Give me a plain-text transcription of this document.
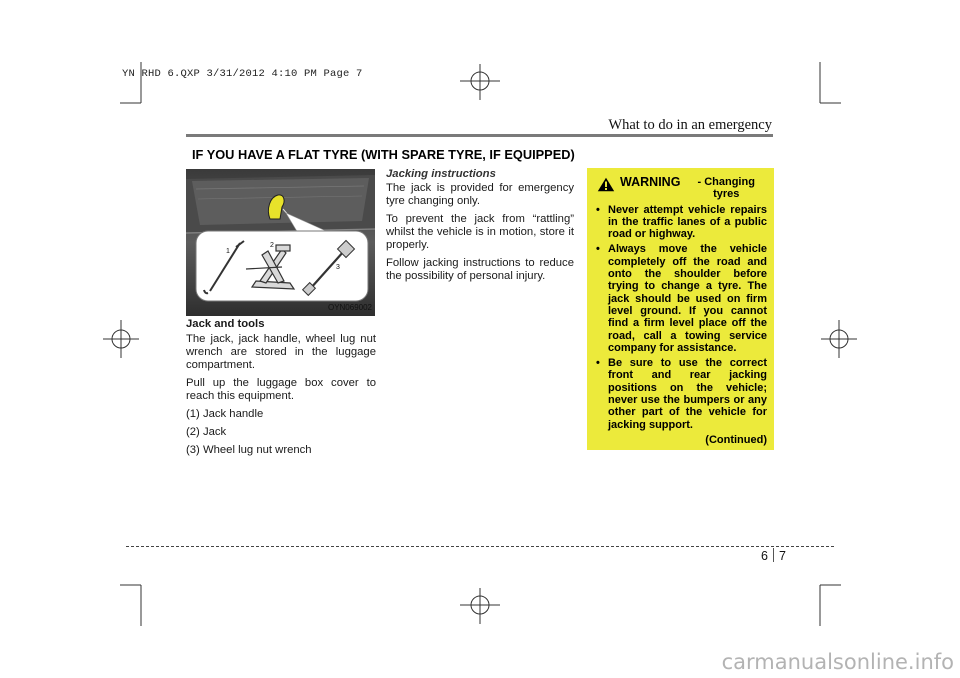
YN RHD 6.QXP 3/31/2012 4:10 PM Page 7
What to do in an emergency
IF YOU HAVE A FLAT TYRE (WITH SPARE TYRE, IF EQUIPPED)
1
2
3
OYN069002

Jack and tools

The jack, jack handle, wheel lug nut wrench are stored in the luggage compartment.

Pull up the luggage box cover to reach this equipment.

(1) Jack handle
(2) Jack
(3) Wheel lug nut wrench

Jacking instructions

The jack is provided for emergency tyre changing only.

To prevent the jack from “rattling” whilst the vehicle is in motion, store it properly.

Follow jacking instructions to reduce the possibility of personal injury.

WARNING	- Changing tyres
• Never attempt vehicle repairs in the traffic lanes of a public road or highway.
• Always move the vehicle completely off the road and onto the shoulder before trying to change a tyre. The jack should be used on firm level ground. If you cannot find a firm level place off the road, call a towing service company for assistance.
• Be sure to use the correct front and rear jacking positions on the vehicle; never use the bumpers or any other part of the vehicle for jacking support.
(Continued)
6 7
carmanualsonline.info
